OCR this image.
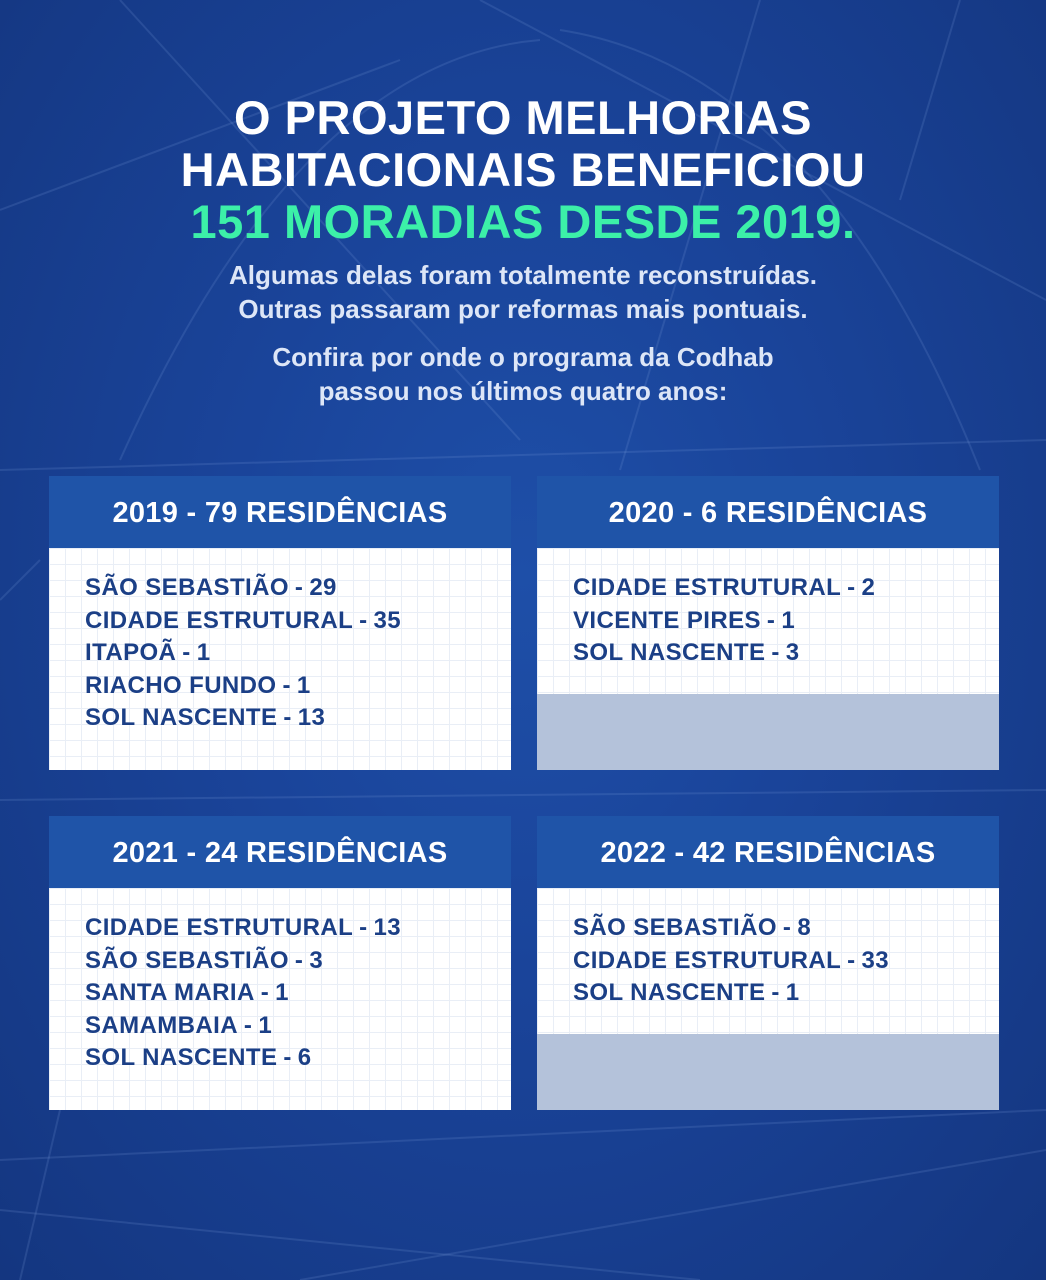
O PROJETO MELHORIAS
HABITACIONAIS BENEFICIOU
151 MORADIAS DESDE 2019.
Algumas delas foram totalmente reconstruídas.
Outras passaram por reformas mais pontuais.
Confira por onde o programa da Codhab
passou nos últimos quatro anos:
2019 - 79 RESIDÊNCIAS
SÃO SEBASTIÃO - 29
CIDADE ESTRUTURAL - 35
ITAPOÃ - 1
RIACHO FUNDO - 1
SOL NASCENTE - 13
2020 - 6 RESIDÊNCIAS
CIDADE ESTRUTURAL - 2
VICENTE PIRES - 1
SOL NASCENTE - 3
2021 - 24 RESIDÊNCIAS
CIDADE ESTRUTURAL - 13
SÃO SEBASTIÃO - 3
SANTA MARIA - 1
SAMAMBAIA - 1
SOL NASCENTE - 6
2022 - 42 RESIDÊNCIAS
SÃO SEBASTIÃO - 8
CIDADE ESTRUTURAL - 33
SOL NASCENTE - 1
